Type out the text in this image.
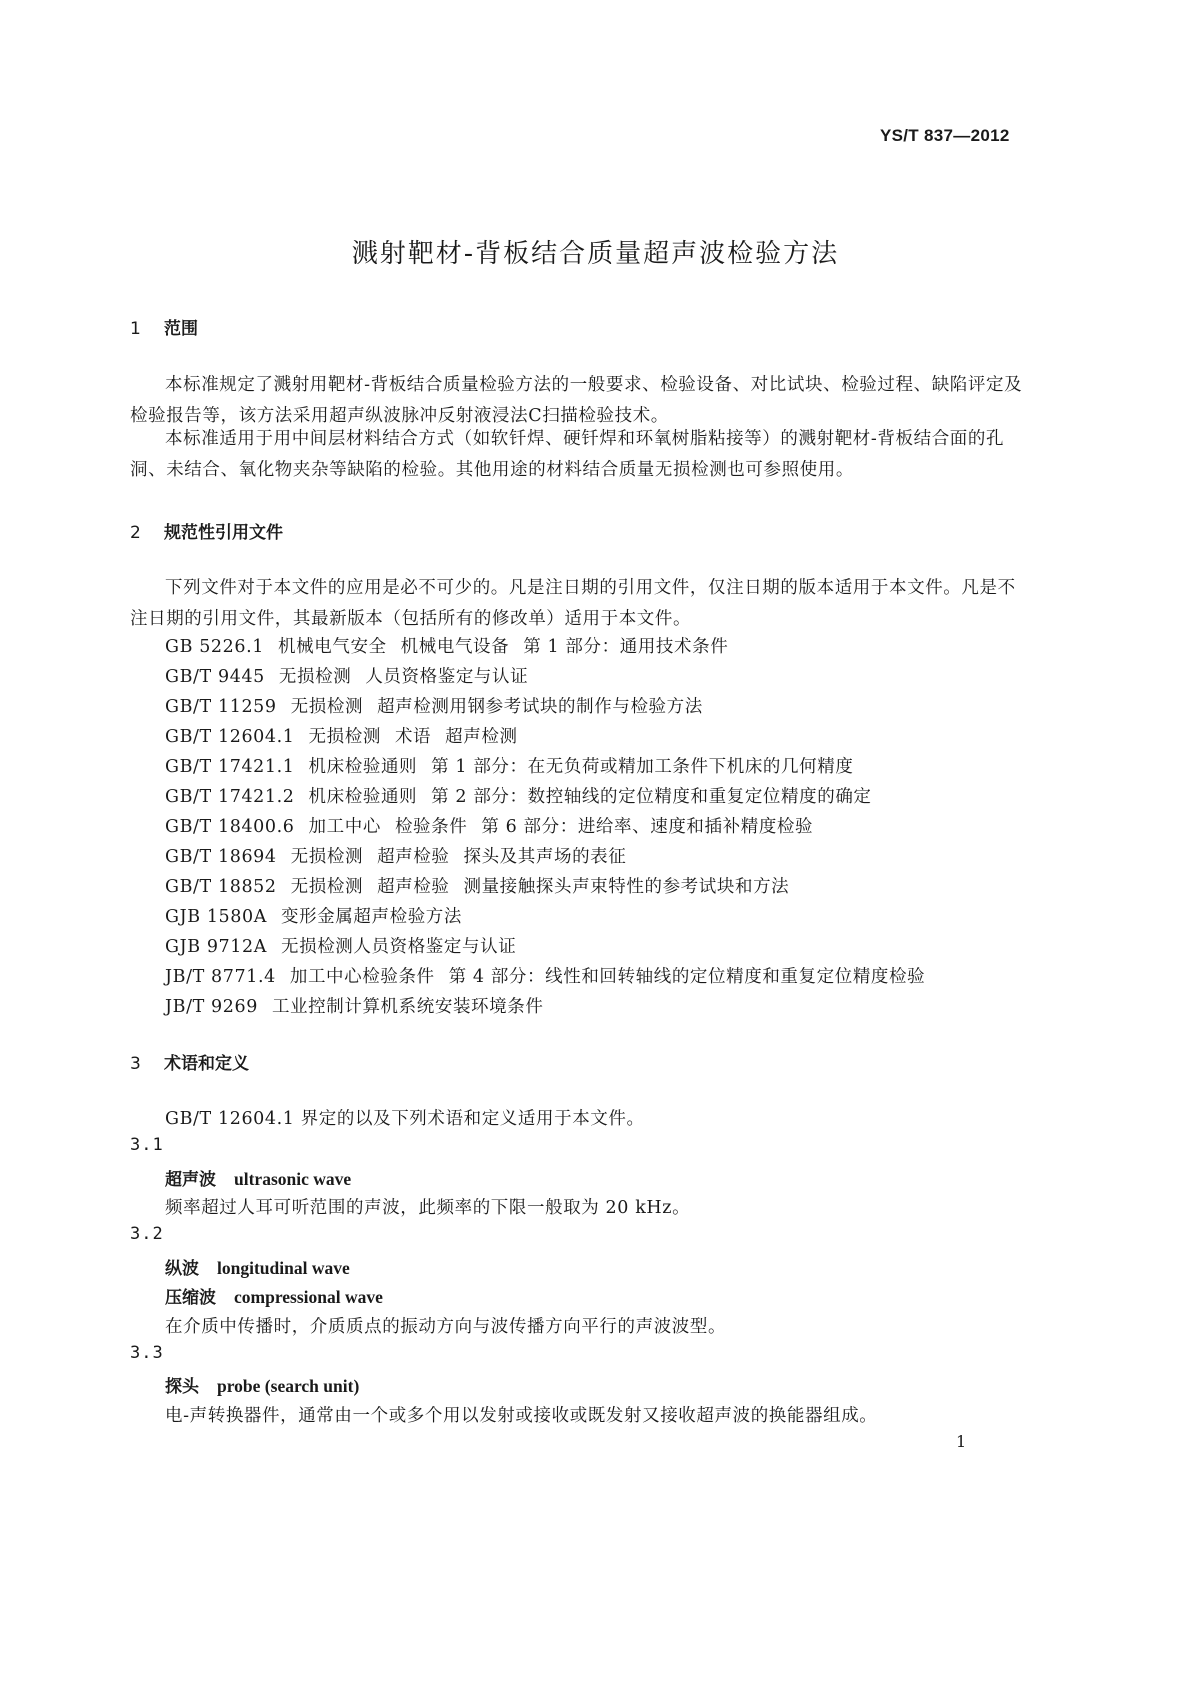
YS/T 837—2012
溅射靶材-背板结合质量超声波检验方法
1 范围
本标准规定了溅射用靶材-背板结合质量检验方法的一般要求、检验设备、对比试块、检验过程、缺陷评定及检验报告等，该方法采用超声纵波脉冲反射液浸法C扫描检验技术。
本标准适用于用中间层材料结合方式（如软钎焊、硬钎焊和环氧树脂粘接等）的溅射靶材-背板结合面的孔洞、未结合、氧化物夹杂等缺陷的检验。其他用途的材料结合质量无损检测也可参照使用。
2 规范性引用文件
下列文件对于本文件的应用是必不可少的。凡是注日期的引用文件，仅注日期的版本适用于本文件。凡是不注日期的引用文件，其最新版本（包括所有的修改单）适用于本文件。
GB 5226.1 机械电气安全 机械电气设备 第 1 部分：通用技术条件
GB/T 9445 无损检测 人员资格鉴定与认证
GB/T 11259 无损检测 超声检测用钢参考试块的制作与检验方法
GB/T 12604.1 无损检测 术语 超声检测
GB/T 17421.1 机床检验通则 第 1 部分：在无负荷或精加工条件下机床的几何精度
GB/T 17421.2 机床检验通则 第 2 部分：数控轴线的定位精度和重复定位精度的确定
GB/T 18400.6 加工中心 检验条件 第 6 部分：进给率、速度和插补精度检验
GB/T 18694 无损检测 超声检验 探头及其声场的表征
GB/T 18852 无损检测 超声检验 测量接触探头声束特性的参考试块和方法
GJB 1580A 变形金属超声检验方法
GJB 9712A 无损检测人员资格鉴定与认证
JB/T 8771.4 加工中心检验条件 第 4 部分：线性和回转轴线的定位精度和重复定位精度检验
JB/T 9269 工业控制计算机系统安装环境条件
3 术语和定义
GB/T 12604.1 界定的以及下列术语和定义适用于本文件。
3.1
超声波 ultrasonic wave
频率超过人耳可听范围的声波，此频率的下限一般取为 20 kHz。
3.2
纵波 longitudinal wave
压缩波 compressional wave
在介质中传播时，介质质点的振动方向与波传播方向平行的声波波型。
3.3
探头 probe (search unit)
电-声转换器件，通常由一个或多个用以发射或接收或既发射又接收超声波的换能器组成。
1
